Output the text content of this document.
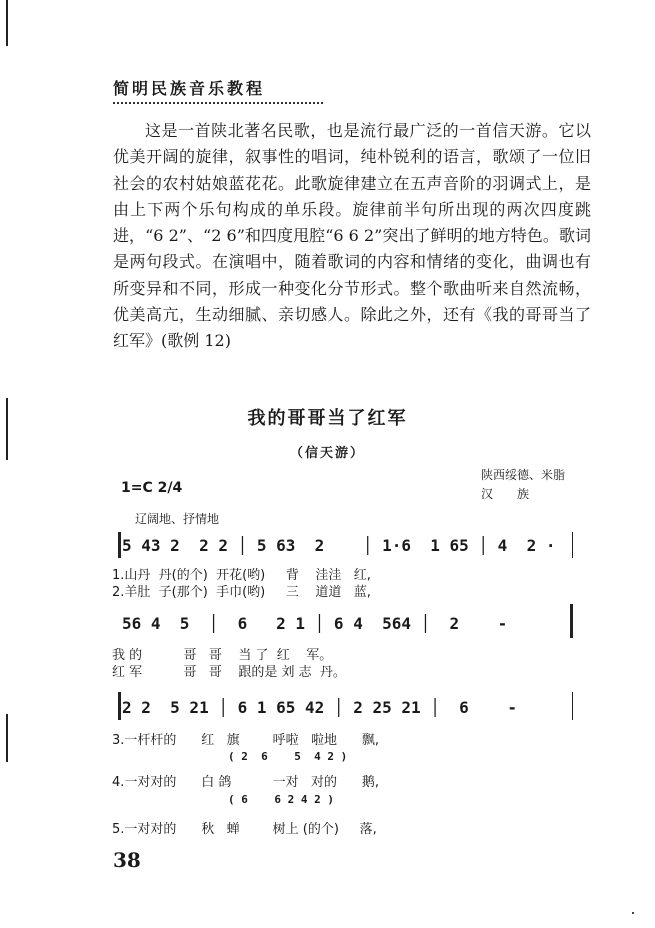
简明民族音乐教程

这是一首陕北著名民歌，也是流行最广泛的一首信天游。它以优美开阔的旋律，叙事性的唱词，纯朴锐利的语言，歌颂了一位旧社会的农村姑娘蓝花花。此歌旋律建立在五声音阶的羽调式上，是由上下两个乐句构成的单乐段。旋律前半句所出现的两次四度跳进，“6 2”、“2 6”和四度甩腔“6 6 2”突出了鲜明的地方特色。歌词是两句段式。在演唱中，随着歌词的内容和情绪的变化，曲调也有所变异和不同，形成一种变化分节形式。整个歌曲听来自然流畅，优美高亢，生动细腻、亲切感人。除此之外，还有《我的哥哥当了红军》(歌例 12)

我的哥哥当了红军
（信天游）
1=C 2/4
陕西绥德、米脂
汉　　族
辽阔地、抒情地
5 43 2  2 2 │ 5 63  2    │ 1·6  1 65 │ 4  2 ·
1.山丹  丹(的个)  开花(哟)     背    洼洼   红,
2.羊肚  子(那个)  手巾(哟)     三    道道   蓝,
56 4  5  │  6   2 1 │ 6 4  564 │  2    -
我 的          哥   哥    当 了  红    军。
红 军          哥   哥    跟的是 刘 志  丹。
2 2  5 21 │ 6 1 65 42 │ 2 25 21 │  6    -
3.一杆杆的      红   旗        呼啦   啦地      飘,
( 2  6    5  4 2 )
4.一对对的      白 鸽          一对   对的      鹅,
( 6    6 2 4 2 )
5.一对对的      秋   蝉        树上 (的个)     落,
38
